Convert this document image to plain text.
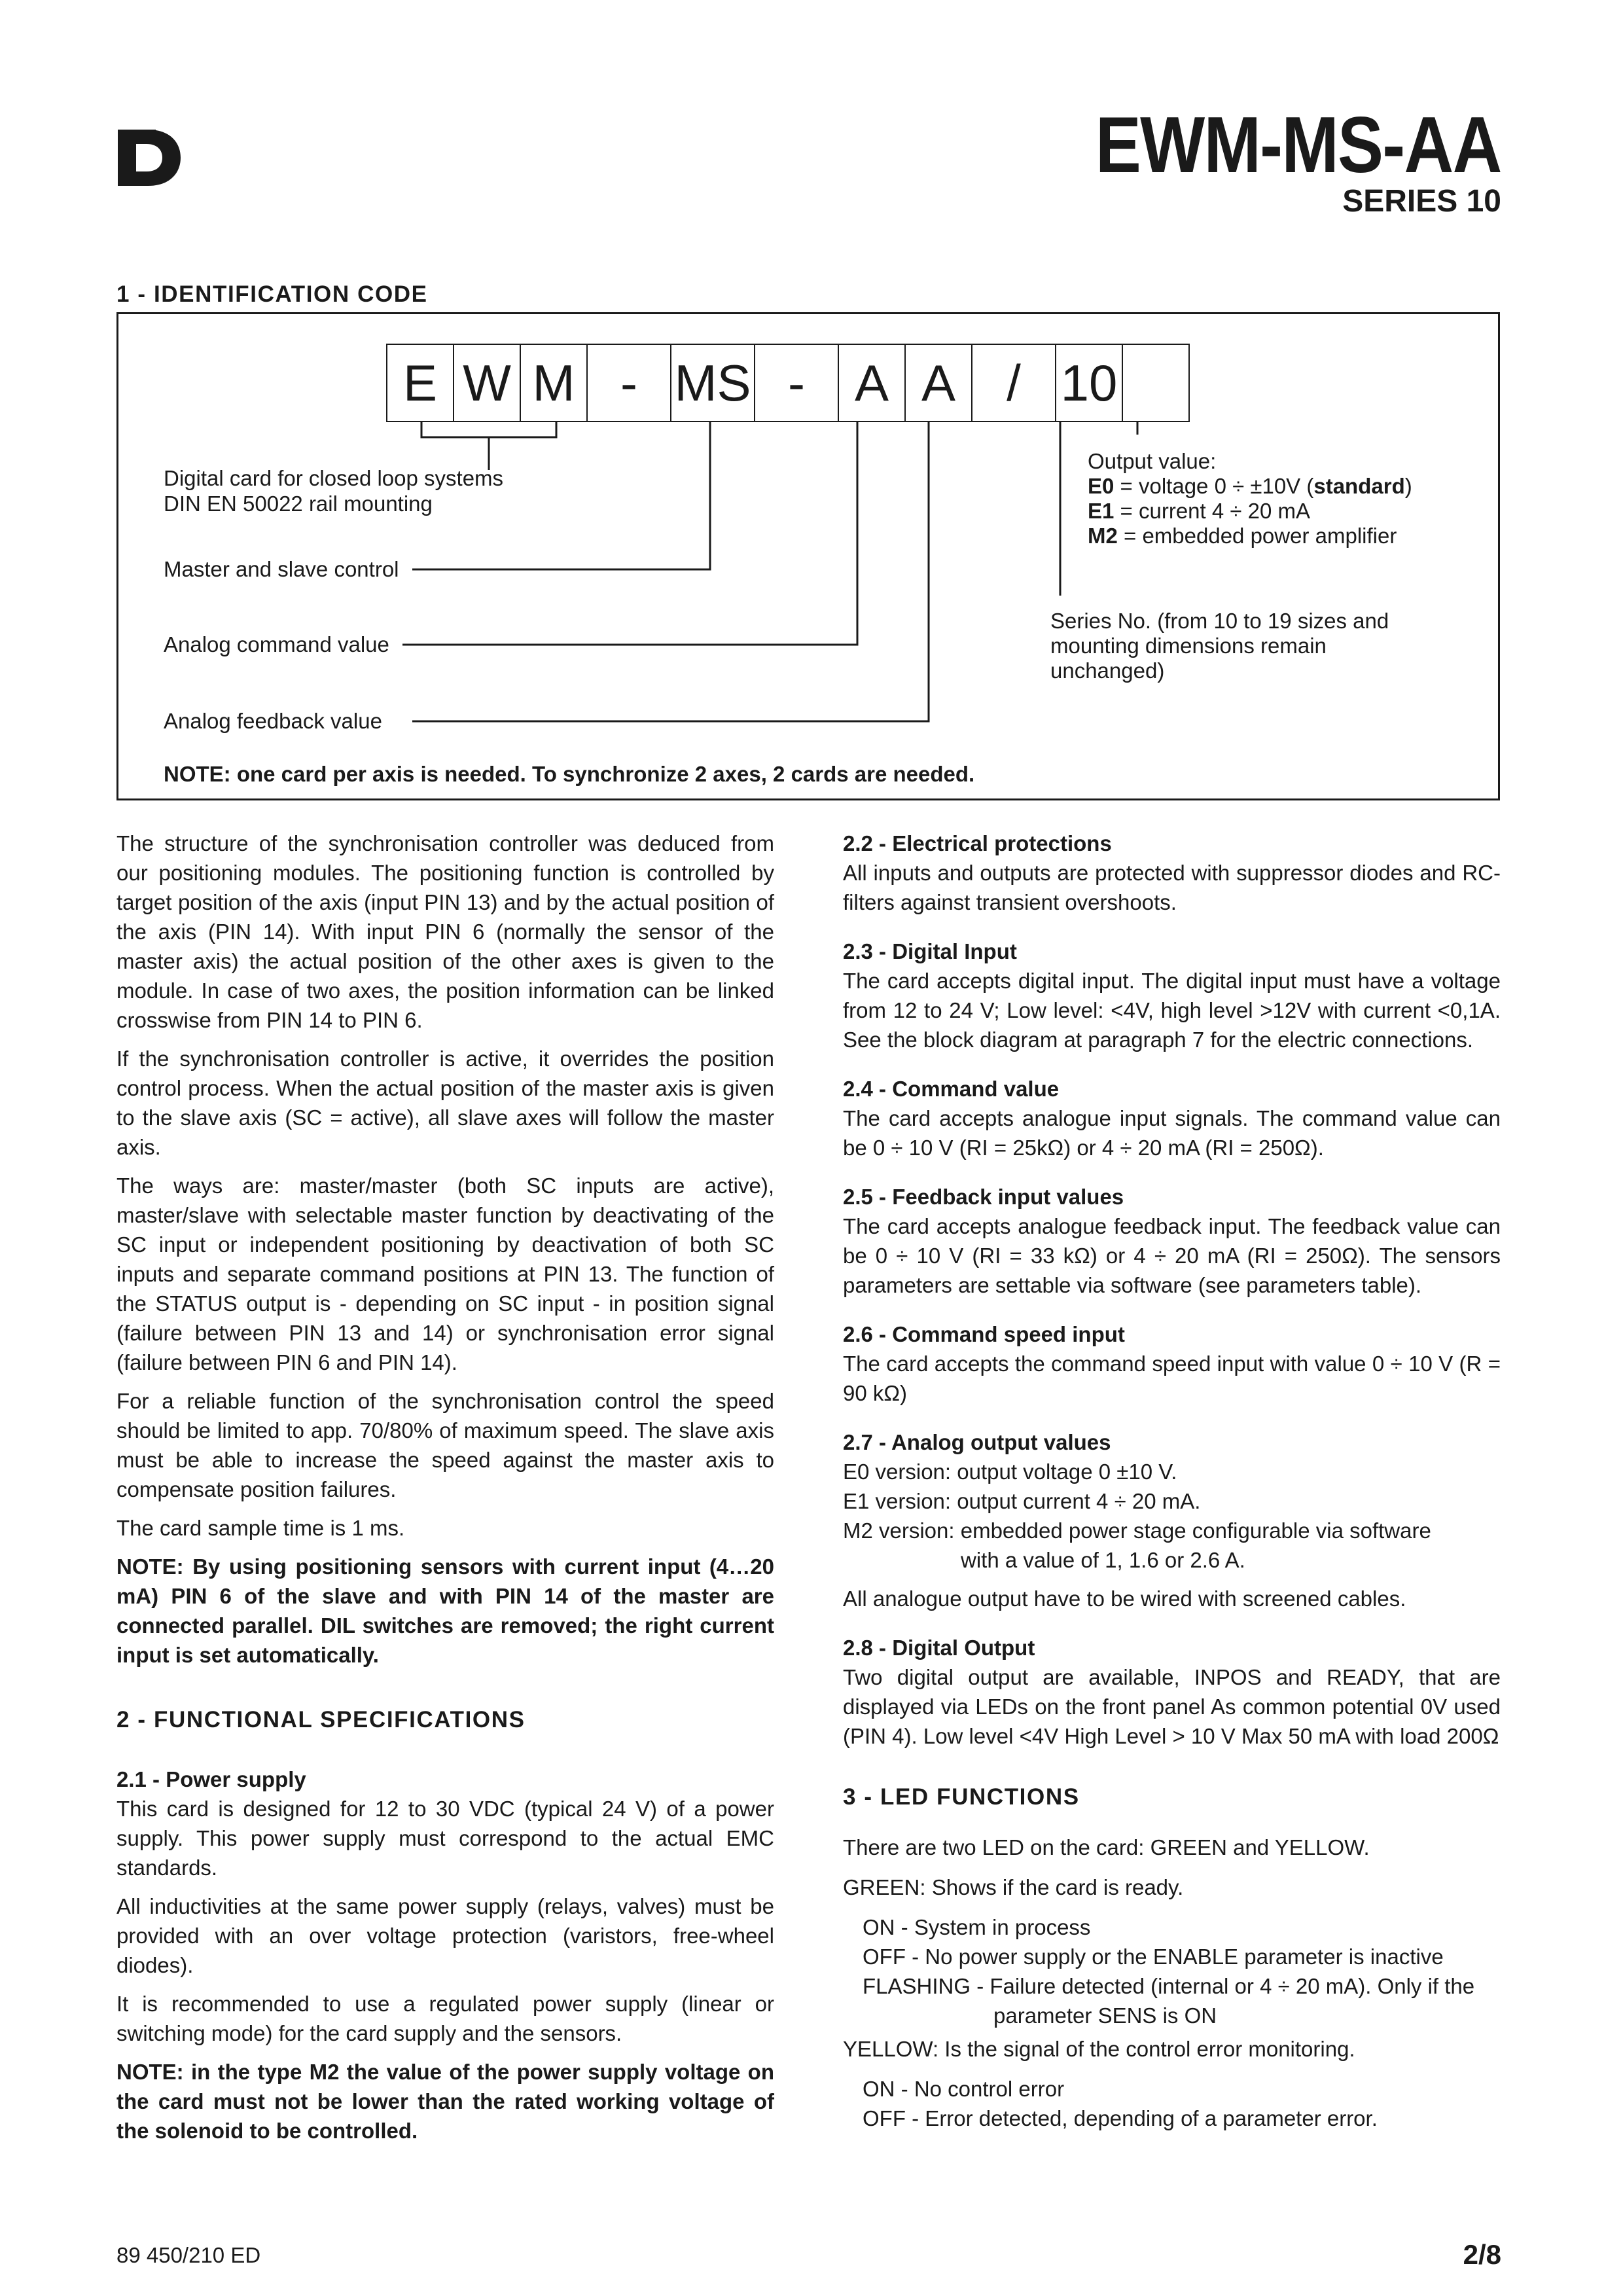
EWM-MS-AA
SERIES 10
1 - IDENTIFICATION CODE
E W M - MS - A A	/ 10
Digital card for closed loop systems
DIN EN 50022 rail mounting
Master and slave control
Analog command value
Analog feedback value
Output value:
E0 = voltage 0 ÷ ±10V (standard)
E1 = current 4 ÷ 20 mA
M2 = embedded power amplifier
Series No. (from 10 to 19 sizes and
mounting dimensions remain
unchanged)
NOTE: one card per axis is needed. To synchronize 2 axes, 2 cards are needed.

The structure of the synchronisation controller was deduced from our positioning modules. The positioning function is controlled by target position of the axis (input PIN 13) and by the actual position of the axis (PIN 14). With input PIN 6 (normally the sensor of the master axis) the actual position of the other axes is given to the module. In case of two axes, the position information can be linked crosswise from PIN 14 to PIN 6.

If the synchronisation controller is active, it overrides the position control process. When the actual position of the master axis is given to the slave axis (SC = active), all slave axes will follow the master axis.

The ways are: master/master (both SC inputs are active), master/slave with selectable master function by deactivating of the SC input or independent positioning by deactivation of both SC inputs and separate command positions at PIN 13. The function of the STATUS output is - depending on SC input - in position signal (failure between PIN 13 and 14) or synchronisation error signal (failure between PIN 6 and PIN 14).

For a reliable function of the synchronisation control the speed should be limited to app. 70/80% of maximum speed. The slave axis must be able to increase the speed against the master axis to compensate position failures.

The card sample time is 1 ms.

NOTE: By using positioning sensors with current input (4…20 mA) PIN 6 of the slave and with PIN 14 of the master are connected parallel. DIL switches are removed; the right current input is set automatically.

2 - FUNCTIONAL SPECIFICATIONS
2.1 - Power supply

This card is designed for 12 to 30 VDC (typical 24 V) of a power supply. This power supply must correspond to the actual EMC standards.

All inductivities at the same power supply (relays, valves) must be provided with an over voltage protection (varistors, free-wheel diodes).

It is recommended to use a regulated power supply (linear or switching mode) for the card supply and the sensors.

NOTE: in the type M2 the value of the power supply voltage on the card must not be lower than the rated working voltage of the solenoid to be controlled.

2.2 - Electrical protections

All inputs and outputs are protected with suppressor diodes and RC-filters against transient overshoots.

2.3 - Digital Input

The card accepts digital input. The digital input must have a voltage from 12 to 24 V; Low level: <4V, high level >12V with current <0,1A. See the block diagram at paragraph 7 for the electric connections.

2.4 - Command value

The card accepts analogue input signals. The command value can be 0 ÷ 10 V (RI = 25kΩ) or 4 ÷ 20 mA (RI = 250Ω).

2.5 - Feedback input values

The card accepts analogue feedback input. The feedback value can be 0 ÷ 10 V (RI = 33 kΩ) or 4 ÷ 20 mA (RI = 250Ω). The sensors parameters are settable via software (see parameters table).

2.6 - Command speed input

The card accepts the command speed input with value 0 ÷ 10 V (R = 90 kΩ)

2.7 - Analog output values

E0 version: output voltage 0 ±10 V.

E1 version: output current 4 ÷ 20 mA.

M2 version: embedded power stage configurable via software

with a value of 1, 1.6 or 2.6 A.

All analogue output have to be wired with screened cables.

2.8 - Digital Output

Two digital output are available, INPOS and READY, that are displayed via LEDs on the front panel As common potential 0V used (PIN 4). Low level <4V High Level > 10 V Max 50 mA with load 200Ω

3 - LED FUNCTIONS

There are two LED on the card: GREEN and YELLOW.

GREEN: Shows if the card is ready.

ON - System in process

OFF - No power supply or the ENABLE parameter is inactive

FLASHING - Failure detected (internal or 4 ÷ 20 mA). Only if the

parameter SENS is ON

YELLOW: Is the signal of the control error monitoring.

ON - No control error

OFF - Error detected, depending of a parameter error.

89 450/210 ED	2/8
